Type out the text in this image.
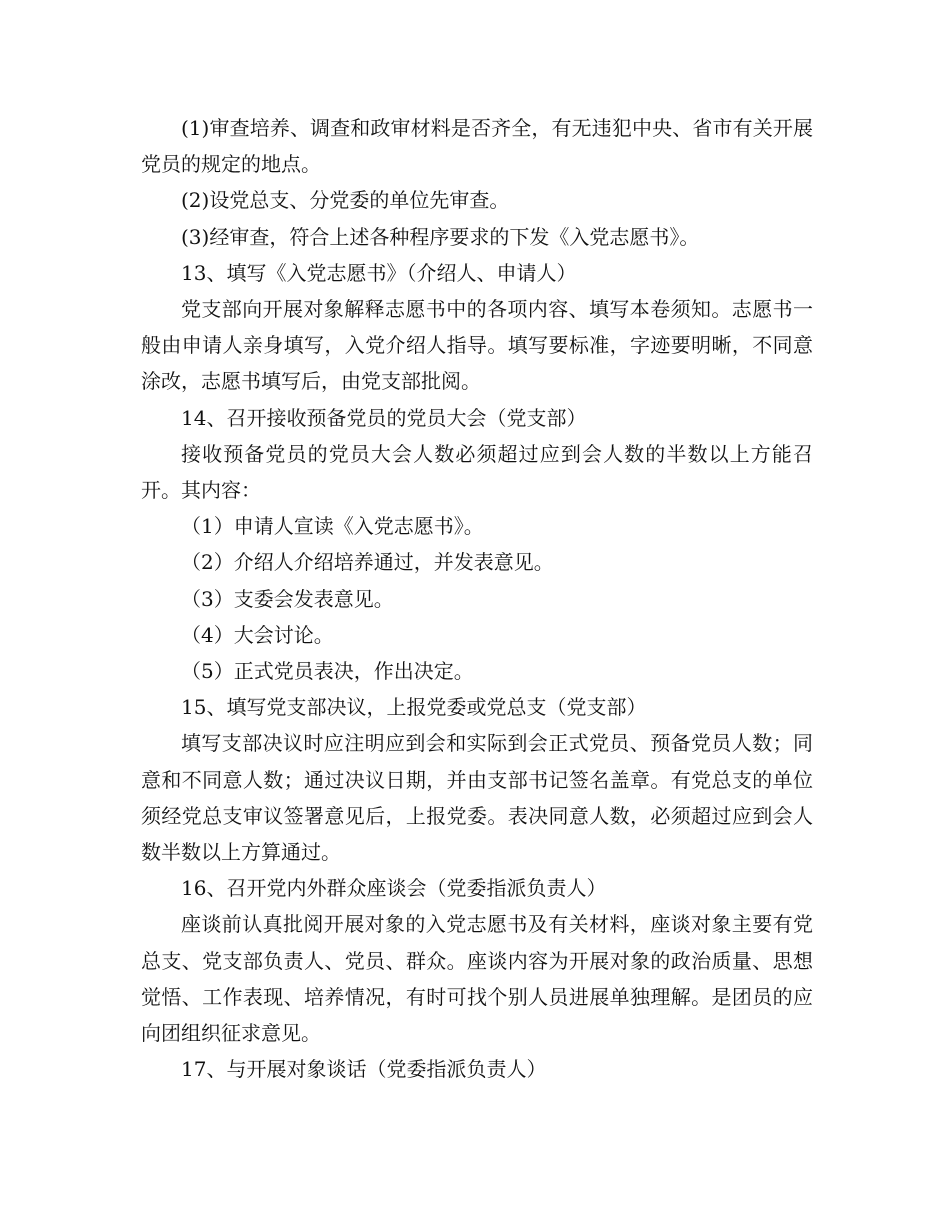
(1)审查培养、调查和政审材料是否齐全，有无违犯中央、省市有关开展党员的规定的地点。

(2)设党总支、分党委的单位先审查。

(3)经审查，符合上述各种程序要求的下发《入党志愿书》。

13、填写《入党志愿书》（介绍人、申请人）

党支部向开展对象解释志愿书中的各项内容、填写本卷须知。志愿书一般由申请人亲身填写，入党介绍人指导。填写要标准，字迹要明晰，不同意涂改，志愿书填写后，由党支部批阅。

14、召开接收预备党员的党员大会（党支部）

接收预备党员的党员大会人数必须超过应到会人数的半数以上方能召开。其内容：

（1）申请人宣读《入党志愿书》。

（2）介绍人介绍培养通过，并发表意见。

（3）支委会发表意见。

（4）大会讨论。

（5）正式党员表决，作出决定。

15、填写党支部决议，上报党委或党总支（党支部）

填写支部决议时应注明应到会和实际到会正式党员、预备党员人数；同意和不同意人数；通过决议日期，并由支部书记签名盖章。有党总支的单位须经党总支审议签署意见后，上报党委。表决同意人数，必须超过应到会人数半数以上方算通过。

16、召开党内外群众座谈会（党委指派负责人）

座谈前认真批阅开展对象的入党志愿书及有关材料，座谈对象主要有党总支、党支部负责人、党员、群众。座谈内容为开展对象的政治质量、思想觉悟、工作表现、培养情况，有时可找个别人员进展单独理解。是团员的应向团组织征求意见。

17、与开展对象谈话（党委指派负责人）
